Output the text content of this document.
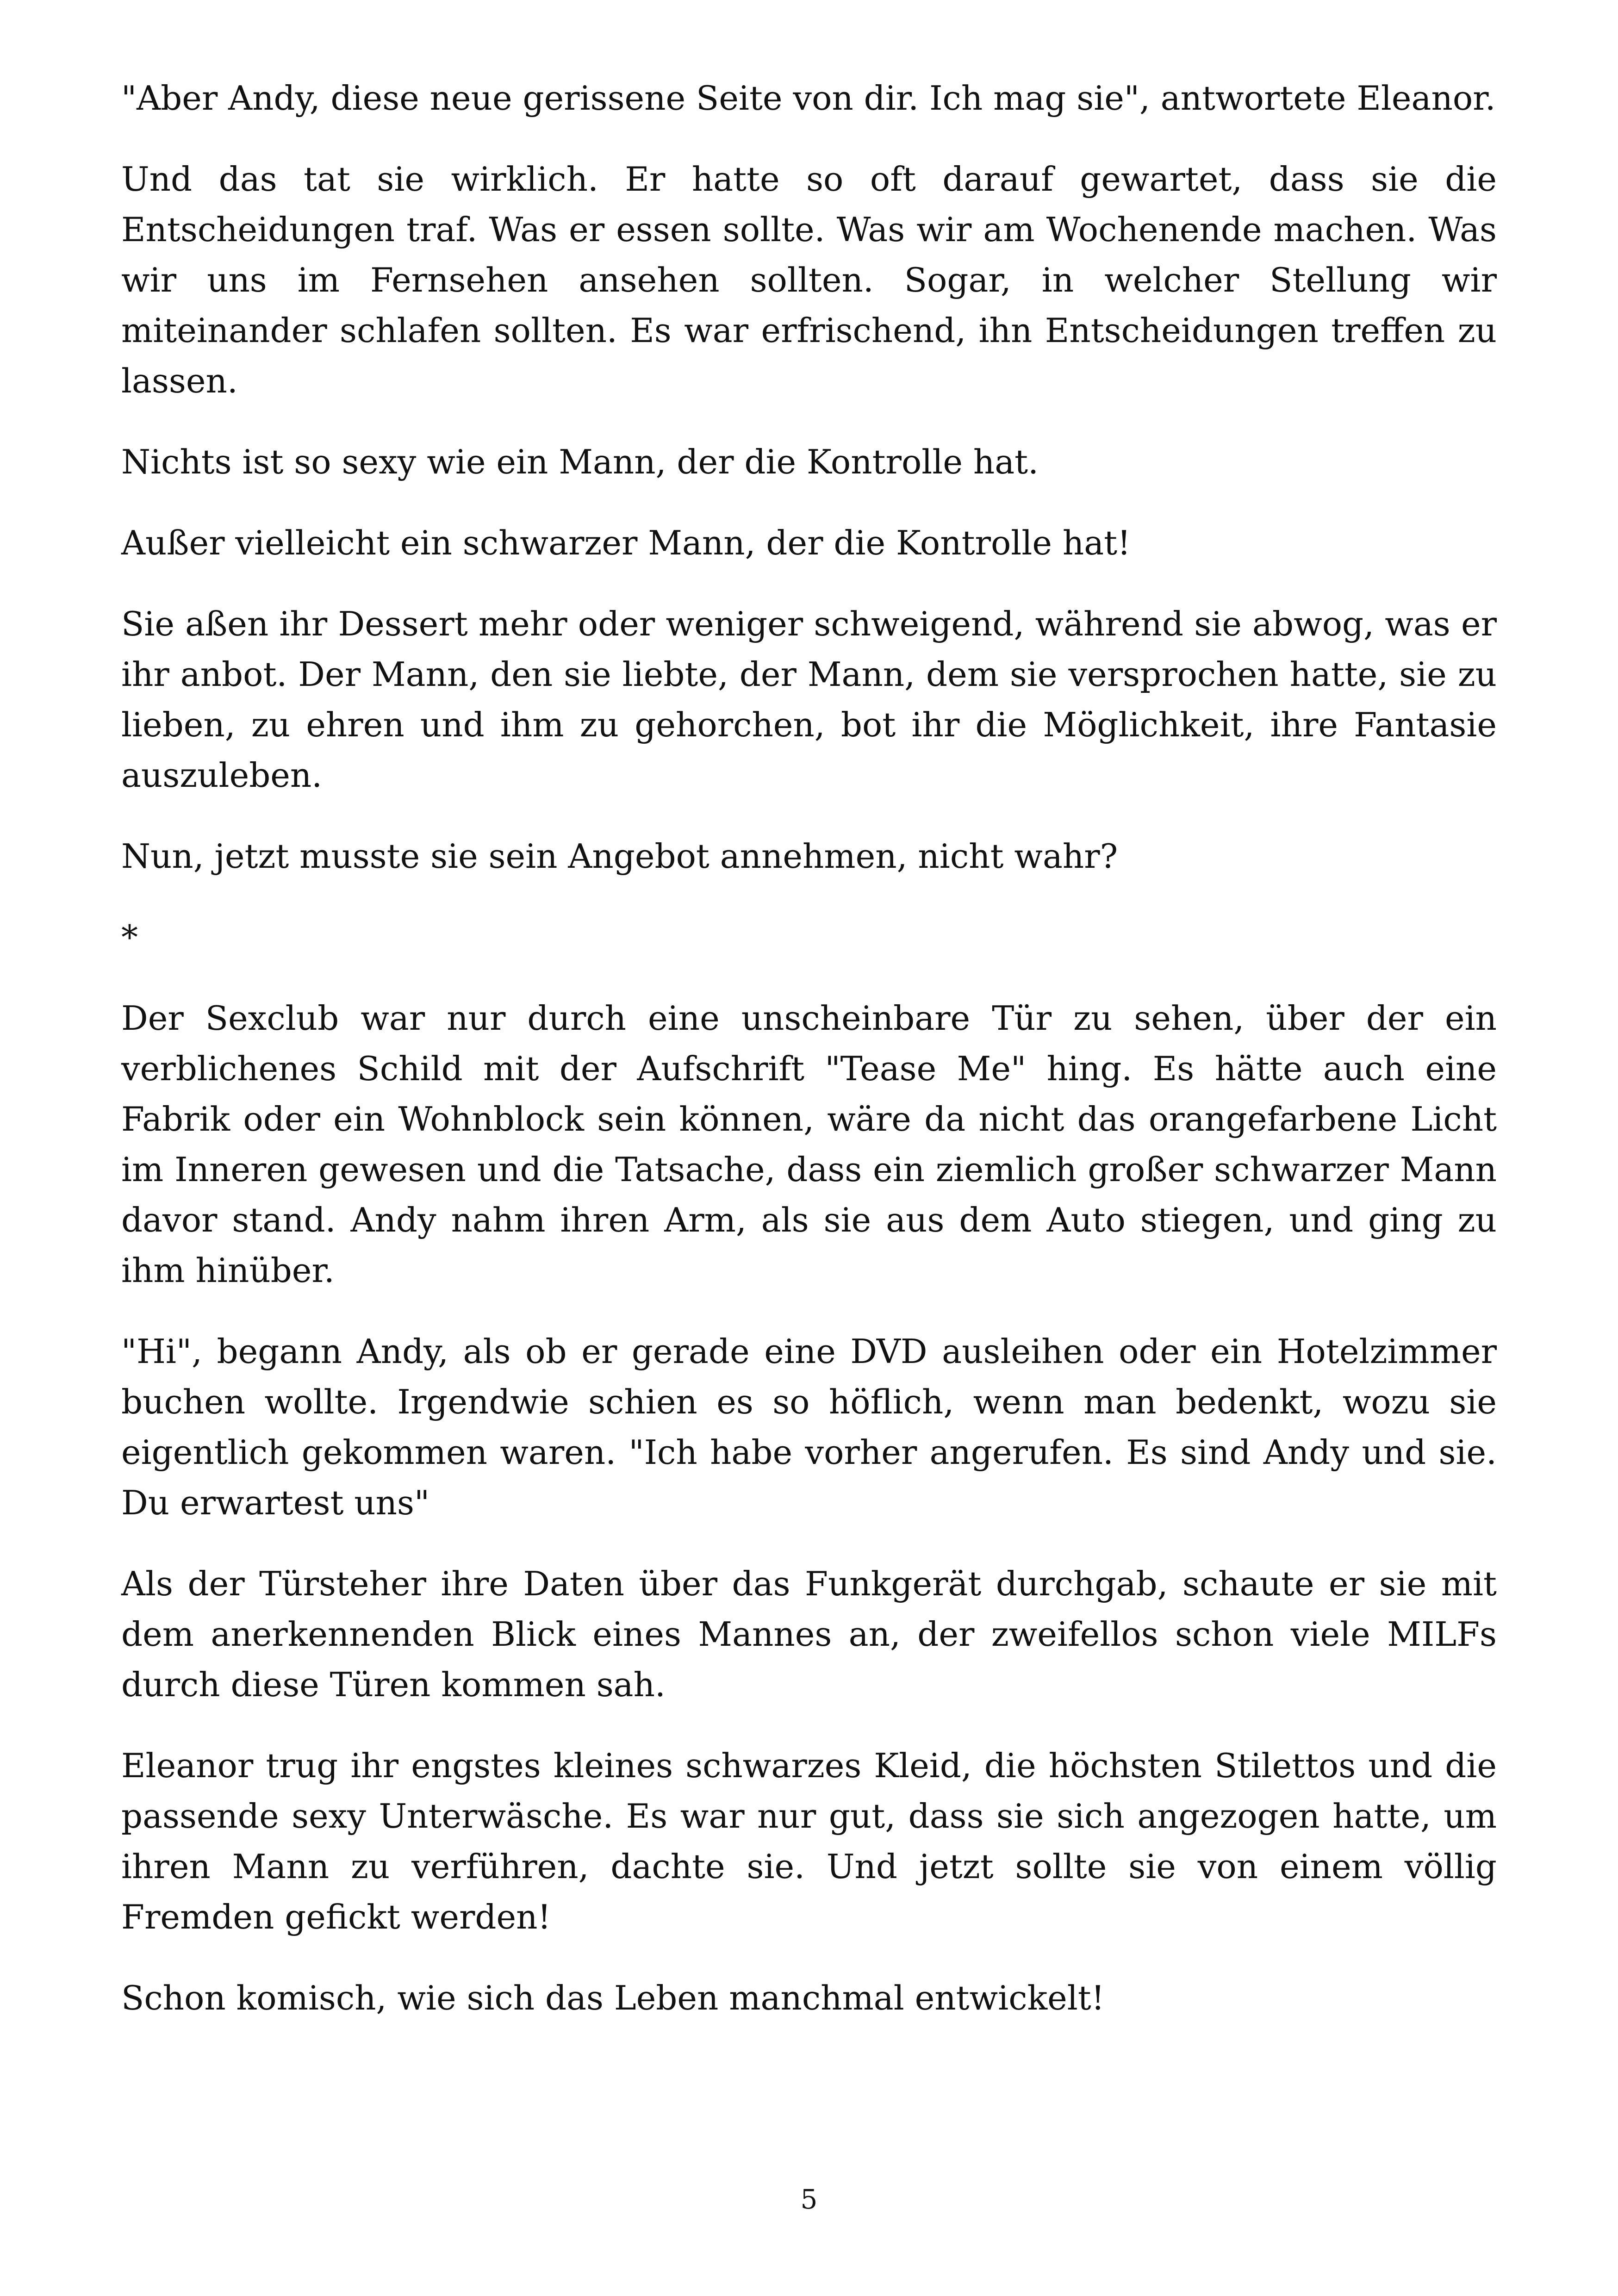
"Aber Andy, diese neue gerissene Seite von dir. Ich mag sie", antwortete Eleanor.

Und das tat sie wirklich. Er hatte so oft darauf gewartet, dass sie die Entscheidungen traf. Was er essen sollte. Was wir am Wochenende machen. Was wir uns im Fernsehen ansehen sollten. Sogar, in welcher Stellung wir miteinander schlafen sollten. Es war erfrischend, ihn Entscheidungen treffen zu lassen.

Nichts ist so sexy wie ein Mann, der die Kontrolle hat.

Außer vielleicht ein schwarzer Mann, der die Kontrolle hat!

Sie aßen ihr Dessert mehr oder weniger schweigend, während sie abwog, was er ihr anbot. Der Mann, den sie liebte, der Mann, dem sie versprochen hatte, sie zu lieben, zu ehren und ihm zu gehorchen, bot ihr die Möglichkeit, ihre Fantasie auszuleben.

Nun, jetzt musste sie sein Angebot annehmen, nicht wahr?

*

Der Sexclub war nur durch eine unscheinbare Tür zu sehen, über der ein verblichenes Schild mit der Aufschrift "Tease Me" hing. Es hätte auch eine Fabrik oder ein Wohnblock sein können, wäre da nicht das orangefarbene Licht im Inneren gewesen und die Tatsache, dass ein ziemlich großer schwarzer Mann davor stand. Andy nahm ihren Arm, als sie aus dem Auto stiegen, und ging zu ihm hinüber.

"Hi", begann Andy, als ob er gerade eine DVD ausleihen oder ein Hotelzimmer buchen wollte. Irgendwie schien es so höflich, wenn man bedenkt, wozu sie eigentlich gekommen waren. "Ich habe vorher angerufen. Es sind Andy und sie. Du erwartest uns"

Als der Türsteher ihre Daten über das Funkgerät durchgab, schaute er sie mit dem anerkennenden Blick eines Mannes an, der zweifellos schon viele MILFs durch diese Türen kommen sah.

Eleanor trug ihr engstes kleines schwarzes Kleid, die höchsten Stilettos und die passende sexy Unterwäsche. Es war nur gut, dass sie sich angezogen hatte, um ihren Mann zu verführen, dachte sie. Und jetzt sollte sie von einem völlig Fremden gefickt werden!

Schon komisch, wie sich das Leben manchmal entwickelt!

5
